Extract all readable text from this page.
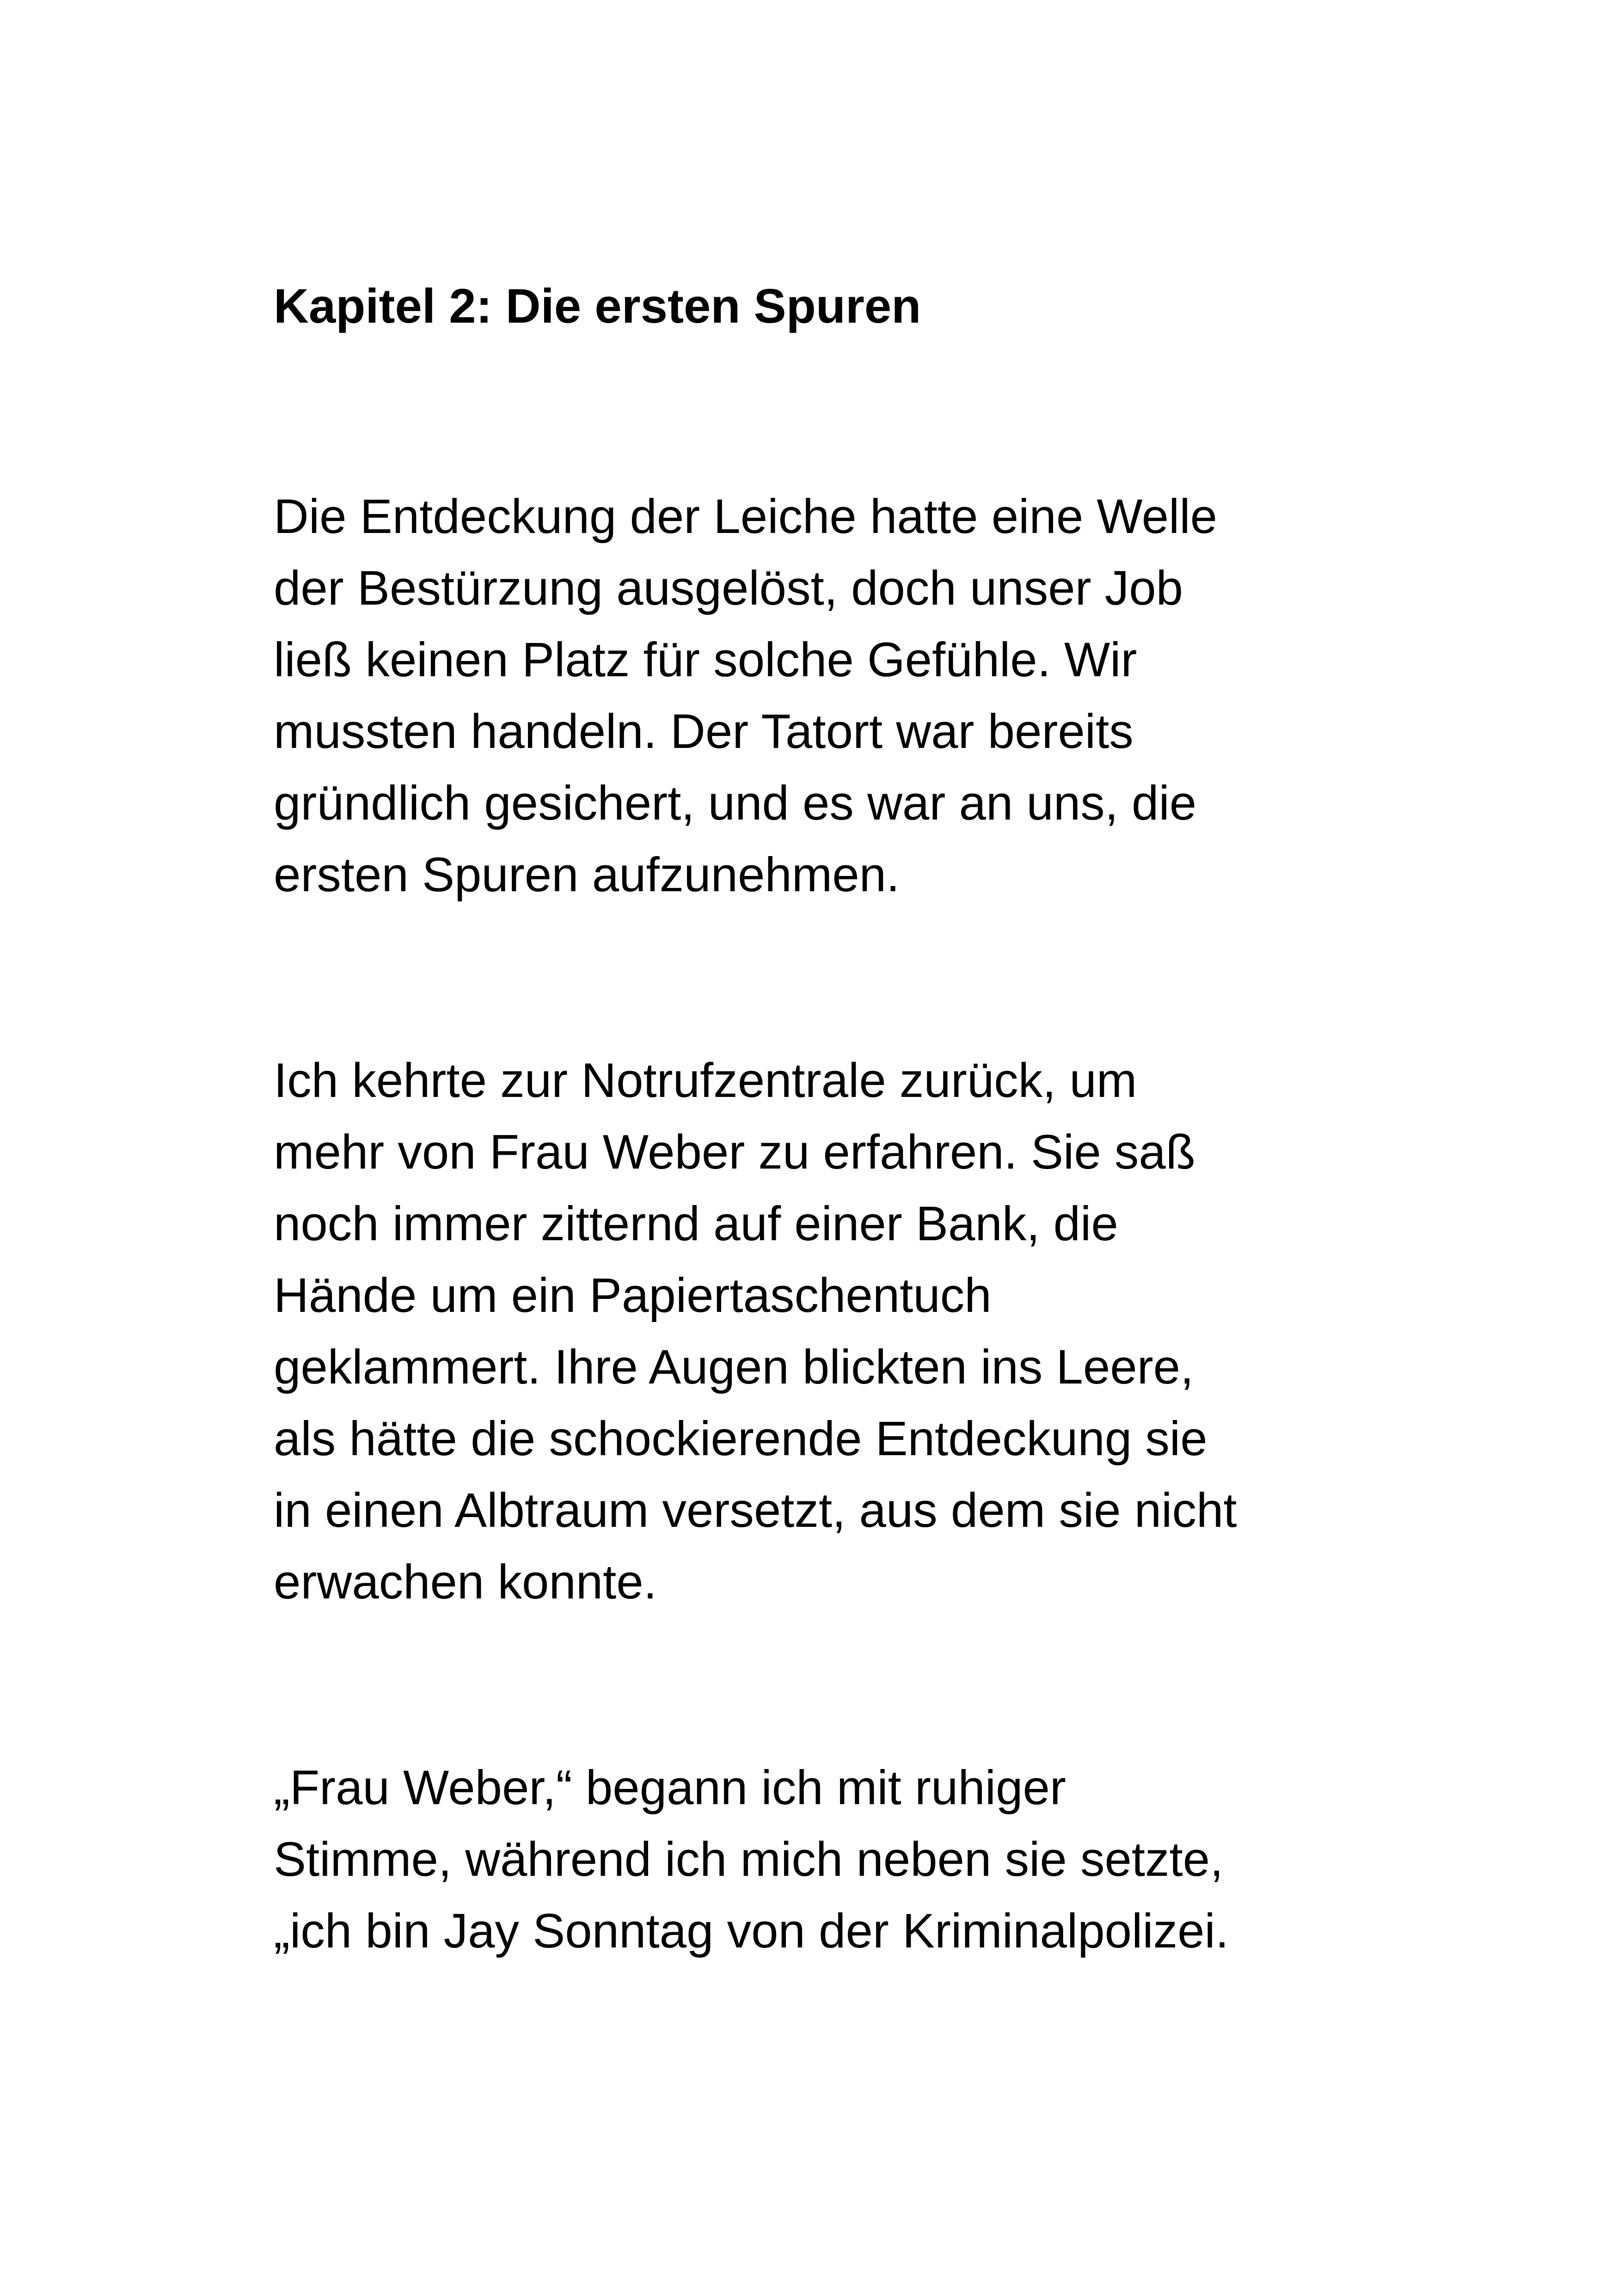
Kapitel 2: Die ersten Spuren

Die Entdeckung der Leiche hatte eine Welle
der Bestürzung ausgelöst, doch unser Job
ließ keinen Platz für solche Gefühle. Wir
mussten handeln. Der Tatort war bereits
gründlich gesichert, und es war an uns, die
ersten Spuren aufzunehmen.

Ich kehrte zur Notrufzentrale zurück, um
mehr von Frau Weber zu erfahren. Sie saß
noch immer zitternd auf einer Bank, die
Hände um ein Papiertaschentuch
geklammert. Ihre Augen blickten ins Leere,
als hätte die schockierende Entdeckung sie
in einen Albtraum versetzt, aus dem sie nicht
erwachen konnte.

„Frau Weber,“ begann ich mit ruhiger
Stimme, während ich mich neben sie setzte,
„ich bin Jay Sonntag von der Kriminalpolizei.
